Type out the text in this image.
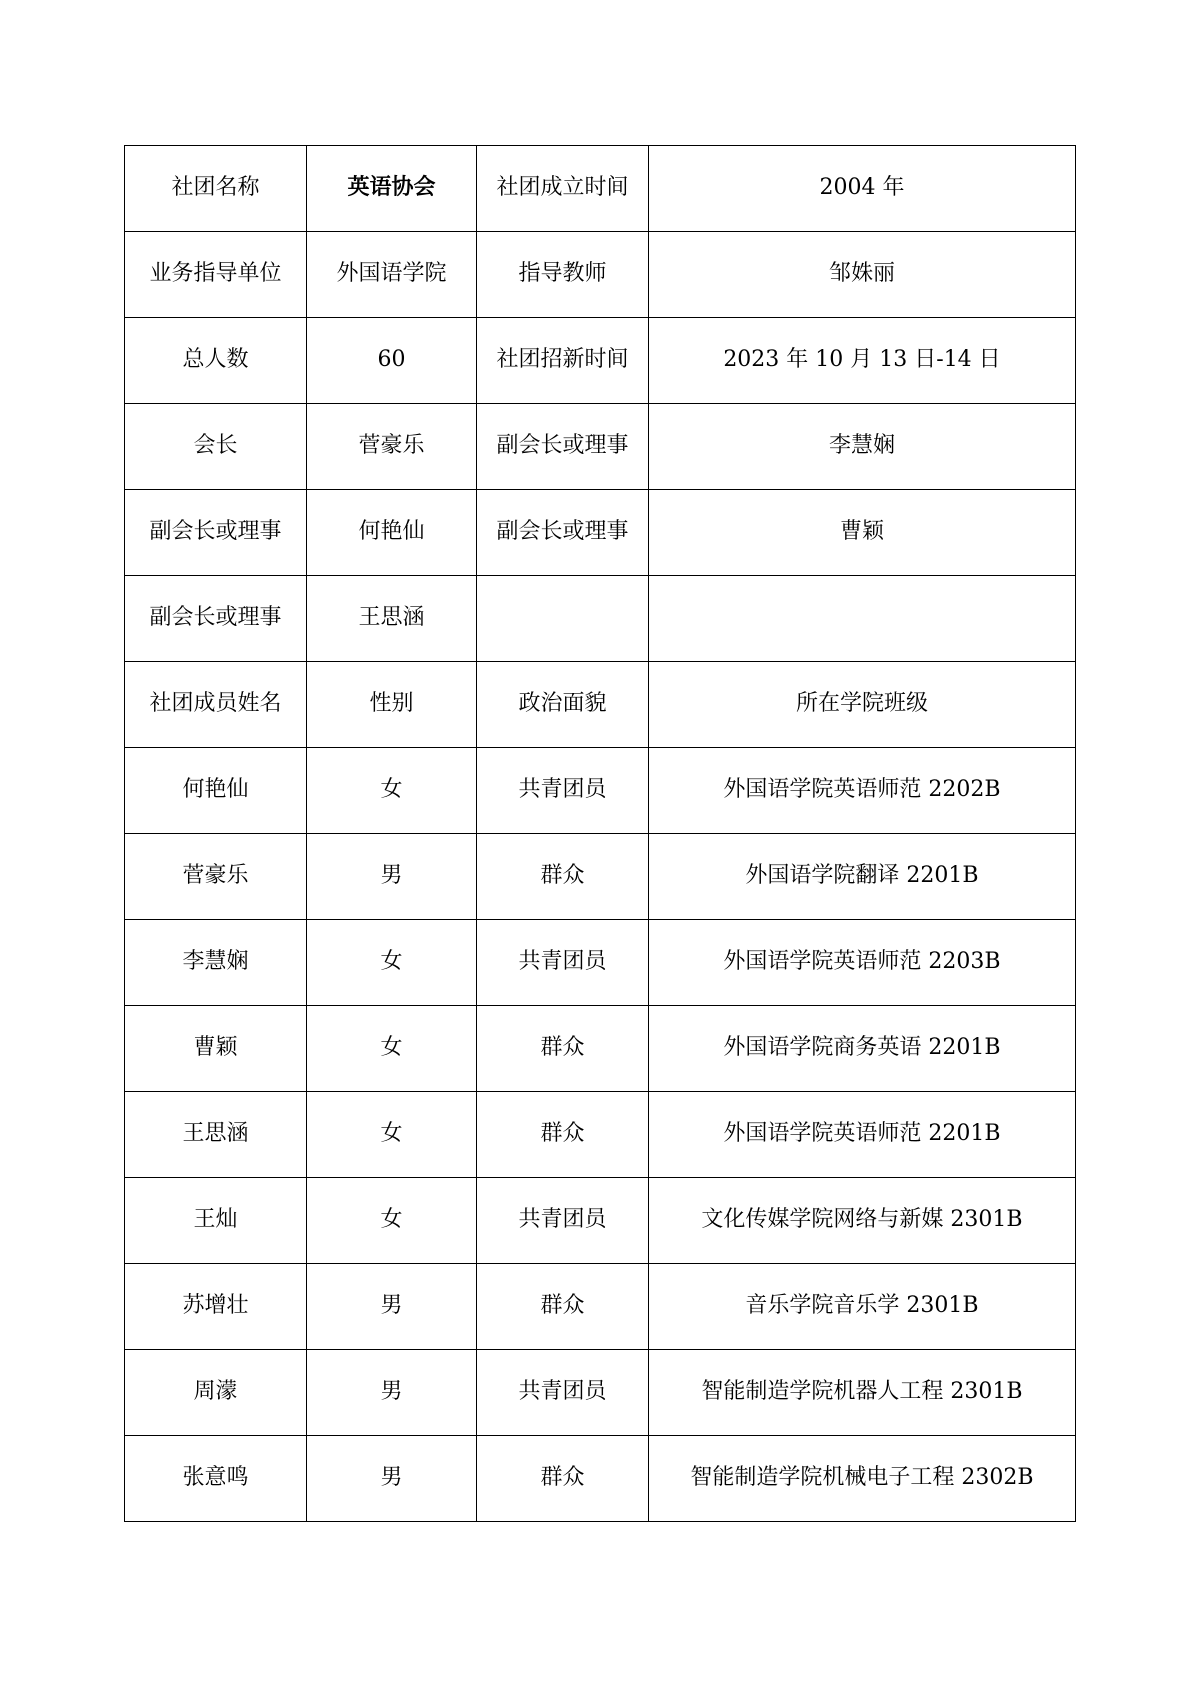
社团名称	英语协会	社团成立时间	2004 年
业务指导单位	外国语学院	指导教师	邹姝丽
总人数	60	社团招新时间	2023 年 10 月 13 日-14 日
会长	菅豪乐	副会长或理事	李慧娴
副会长或理事	何艳仙	副会长或理事	曹颖
副会长或理事	王思涵		
社团成员姓名	性别	政治面貌	所在学院班级
何艳仙	女	共青团员	外国语学院英语师范 2202B
菅豪乐	男	群众	外国语学院翻译 2201B
李慧娴	女	共青团员	外国语学院英语师范 2203B
曹颖	女	群众	外国语学院商务英语 2201B
王思涵	女	群众	外国语学院英语师范 2201B
王灿	女	共青团员	文化传媒学院网络与新媒 2301B
苏增壮	男	群众	音乐学院音乐学 2301B
周濛	男	共青团员	智能制造学院机器人工程 2301B
张意鸣	男	群众	智能制造学院机械电子工程 2302B
